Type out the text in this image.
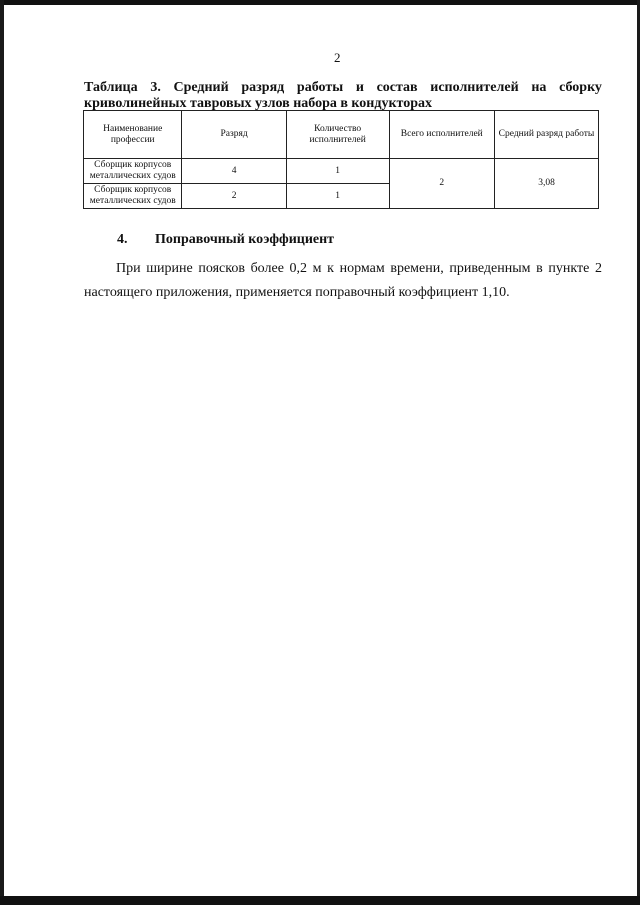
2
Таблица 3. Средний разряд работы и состав исполнителей на сборку
криволинейных тавровых узлов набора в кондукторах
Наименование профессии	Разряд	Количество исполнителей	Всего исполнителей	Средний разряд работы
Сборщик корпусов металлических судов	4	1	2	3,08
Сборщик корпусов металлических судов	2	1		
4. Поправочный коэффициент
При ширине поясков более 0,2 м к нормам времени, приведенным в пункте 2
настоящего приложения, применяется поправочный коэффициент 1,10.
